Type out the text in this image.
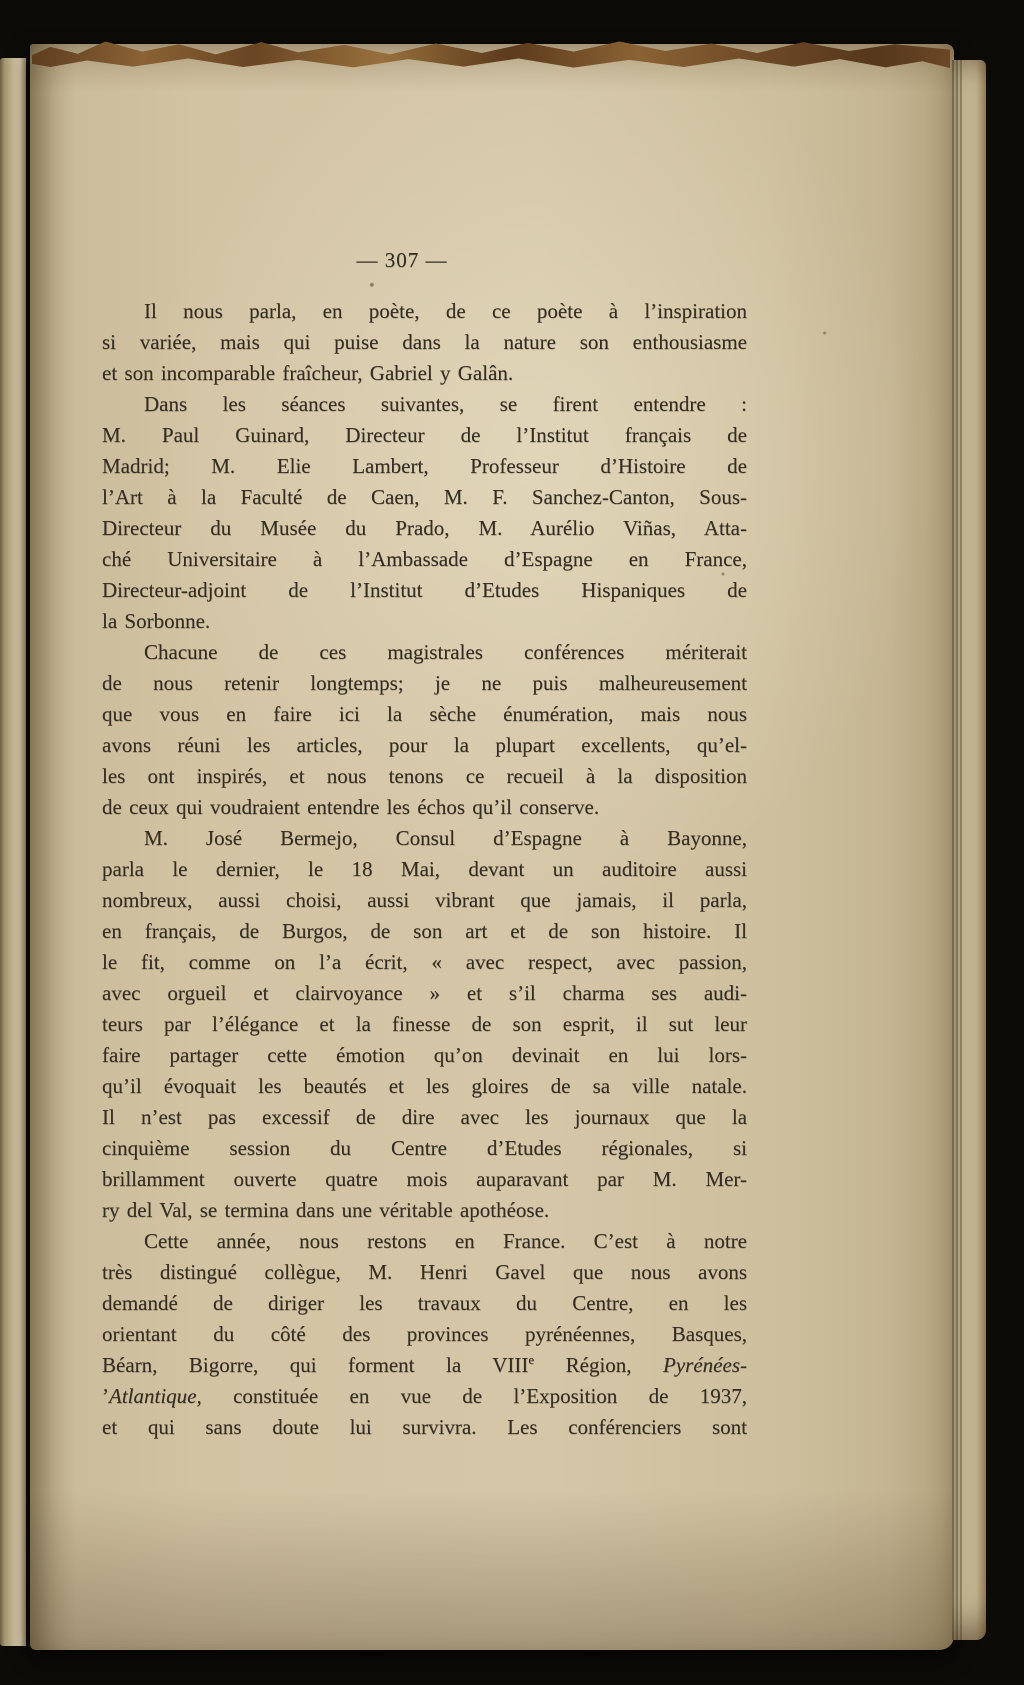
— 307 —
Il nous parla, en poète, de ce poète à l’inspiration
si variée, mais qui puise dans la nature son enthousiasme
et son incomparable fraîcheur, Gabriel y Galân.
Dans les séances suivantes, se firent entendre :
M. Paul Guinard, Directeur de l’Institut français de
Madrid; M. Elie Lambert, Professeur d’Histoire de
l’Art à la Faculté de Caen, M. F. Sanchez-Canton, Sous-
Directeur du Musée du Prado, M. Aurélio Viñas, Atta-
ché Universitaire à l’Ambassade d’Espagne en France,
Directeur-adjoint de l’Institut d’Etudes Hispaniques de
la Sorbonne.
Chacune de ces magistrales conférences mériterait
de nous retenir longtemps; je ne puis malheureusement
que vous en faire ici la sèche énumération, mais nous
avons réuni les articles, pour la plupart excellents, qu’el-
les ont inspirés, et nous tenons ce recueil à la disposition
de ceux qui voudraient entendre les échos qu’il conserve.
M. José Bermejo, Consul d’Espagne à Bayonne,
parla le dernier, le 18 Mai, devant un auditoire aussi
nombreux, aussi choisi, aussi vibrant que jamais, il parla,
en français, de Burgos, de son art et de son histoire. Il
le fit, comme on l’a écrit, « avec respect, avec passion,
avec orgueil et clairvoyance » et s’il charma ses audi-
teurs par l’élégance et la finesse de son esprit, il sut leur
faire partager cette émotion qu’on devinait en lui lors-
qu’il évoquait les beautés et les gloires de sa ville natale.
Il n’est pas excessif de dire avec les journaux que la
cinquième session du Centre d’Etudes régionales, si
brillamment ouverte quatre mois auparavant par M. Mer-
ry del Val, se termina dans une véritable apothéose.
Cette année, nous restons en France. C’est à notre
très distingué collègue, M. Henri Gavel que nous avons
demandé de diriger les travaux du Centre, en les
orientant du côté des provinces pyrénéennes, Basques,
Béarn, Bigorre, qui forment la VIIIe Région, Pyrénées-
’Atlantique, constituée en vue de l’Exposition de 1937,
et qui sans doute lui survivra. Les conférenciers sont
